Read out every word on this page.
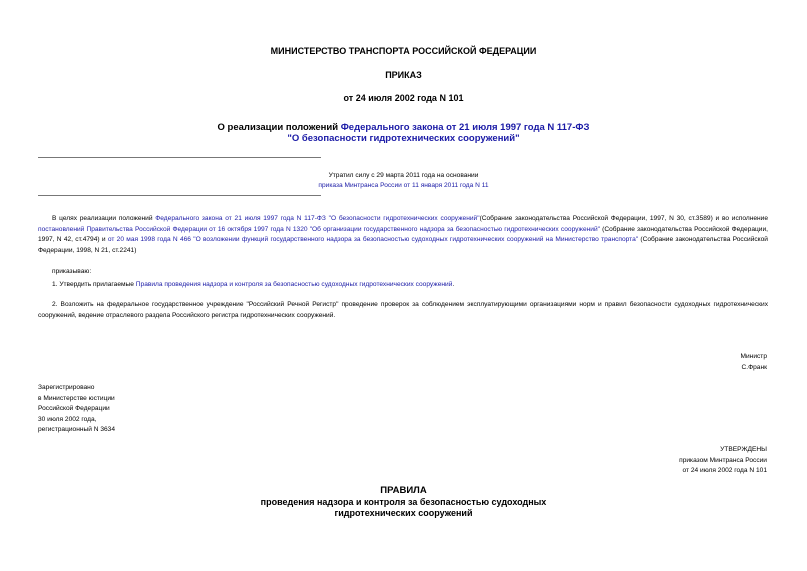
МИНИСТЕРСТВО ТРАНСПОРТА РОССИЙСКОЙ ФЕДЕРАЦИИ
ПРИКАЗ
от 24 июля 2002 года N 101
О реализации положений Федерального закона от 21 июля 1997 года N 117-ФЗ
"О безопасности гидротехнических сооружений"
Утратил силу с 29 марта 2011 года на основании
приказа Минтранса России от 11 января 2011 года N 11
В целях реализации положений Федерального закона от 21 июля 1997 года N 117-ФЗ "О безопасности гидротехнических сооружений"(Собрание законодательства Российской Федерации, 1997, N 30, ст.3589) и во исполнение постановлений Правительства Российской Федерации от 16 октября 1997 года N 1320 "Об организации государственного надзора за безопасностью гидротехнических сооружений" (Собрание законодательства Российской Федерации, 1997, N 42, ст.4794) и от 20 мая 1998 года N 466 "О возложении функций государственного надзора за безопасностью судоходных гидротехнических сооружений на Министерство транспорта" (Собрание законодательства Российской Федерации, 1998, N 21, ст.2241)
приказываю:
1. Утвердить прилагаемые Правила проведения надзора и контроля за безопасностью судоходных гидротехнических сооружений.
2. Возложить на федеральное государственное учреждение "Российский Речной Регистр" проведение проверок за соблюдением эксплуатирующими организациями норм и правил безопасности судоходных гидротехнических сооружений, ведение отраслевого раздела Российского регистра гидротехнических сооружений.
Министр
С.Франк
Зарегистрировано
в Министерстве юстиции
Российской Федерации
30 июля 2002 года,
регистрационный N 3634
УТВЕРЖДЕНЫ
приказом Минтранса России
от 24 июля 2002 года N 101
ПРАВИЛА
проведения надзора и контроля за безопасностью судоходных
гидротехнических сооружений
